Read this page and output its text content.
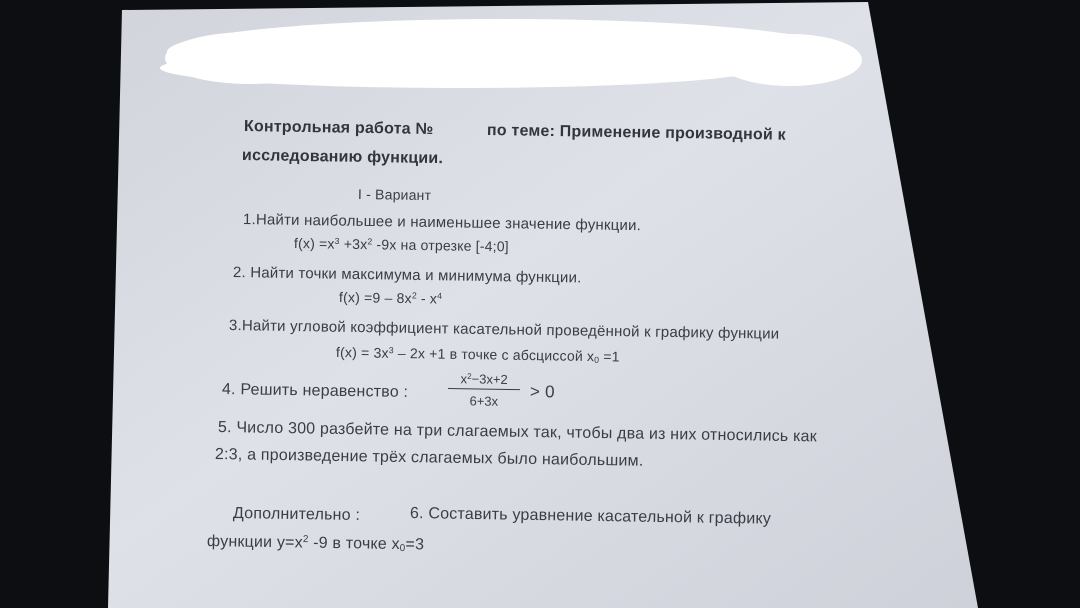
Контрольная работа №	по теме: Применение производной к
исследованию функции.
I - Вариант
1.Найти наибольшее и наименьшее значение функции.
$f(x) =x^3 +3x^2$ -9x на отрезке [-4;0]
2. Найти точки максимума и минимума функции.
$f(x) =9 - 8x^2 - x^4$
3.Найти угловой коэффициент касательной проведённой к графику функции
$f(x) = 3x^3 - 2x +1$ в точке с абсциссой $x_0 =1$
4. Решить неравенство :
$x^2-3x+2$
6+3x	> 0
5. Число 300 разбейте на три слагаемых так, чтобы два из них относились как
2:3, а произведение трёх слагаемых было наибольшим.
Дополнительно :	6. Составить уравнение касательной к графику
функции $y=x^2$ -9 в точке $x_0=3$
